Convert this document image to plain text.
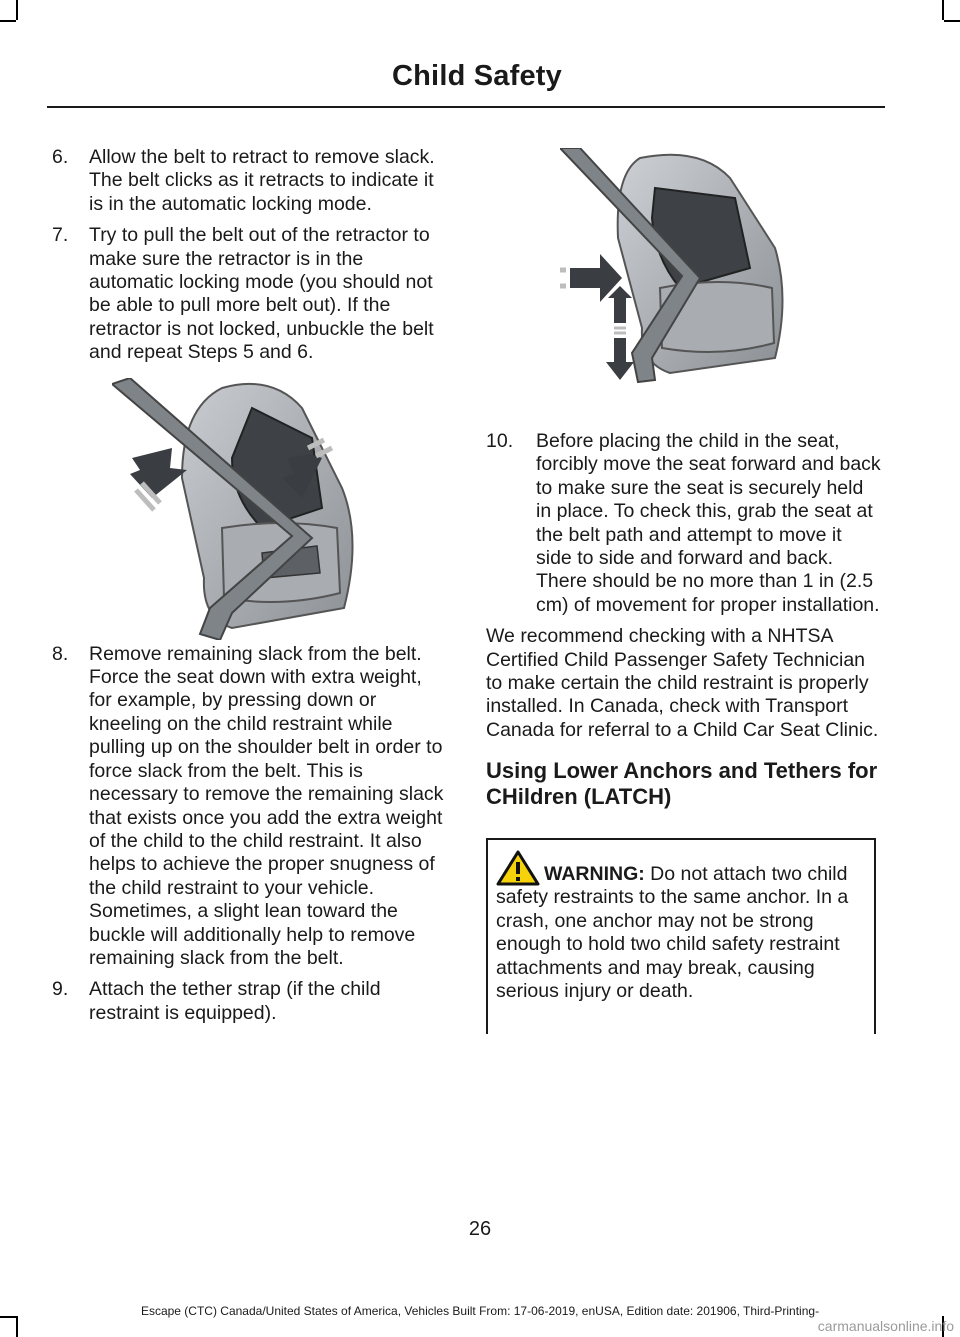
Child Safety
6.	Allow the belt to retract to remove slack. The belt clicks as it retracts to indicate it is in the automatic locking mode.
7.	Try to pull the belt out of the retractor to make sure the retractor is in the automatic locking mode (you should not be able to pull more belt out). If the retractor is not locked, unbuckle the belt and repeat Steps 5 and 6.
8.	Remove remaining slack from the belt. Force the seat down with extra weight, for example, by pressing down or kneeling on the child restraint while pulling up on the shoulder belt in order to force slack from the belt. This is necessary to remove the remaining slack that exists once you add the extra weight of the child to the child restraint. It also helps to achieve the proper snugness of the child restraint to your vehicle. Sometimes, a slight lean toward the buckle will additionally help to remove remaining slack from the belt.
9.	Attach the tether strap (if the child restraint is equipped).
10.	Before placing the child in the seat, forcibly move the seat forward and back to make sure the seat is securely held in place. To check this, grab the seat at the belt path and attempt to move it side to side and forward and back. There should be no more than 1 in (2.5 cm) of movement for proper installation.

We recommend checking with a NHTSA Certified Child Passenger Safety Technician to make certain the child restraint is properly installed. In Canada, check with Transport Canada for referral to a Child Car Seat Clinic.

Using Lower Anchors and Tethers for CHildren (LATCH)
WARNING: Do not attach two child safety restraints to the same anchor. In a crash, one anchor may not be strong enough to hold two child safety restraint attachments and may break, causing serious injury or death.
26
Escape (CTC) Canada/United States of America, Vehicles Built From: 17-06-2019, enUSA, Edition date: 201906, Third-Printing-
carmanualsonline.info
